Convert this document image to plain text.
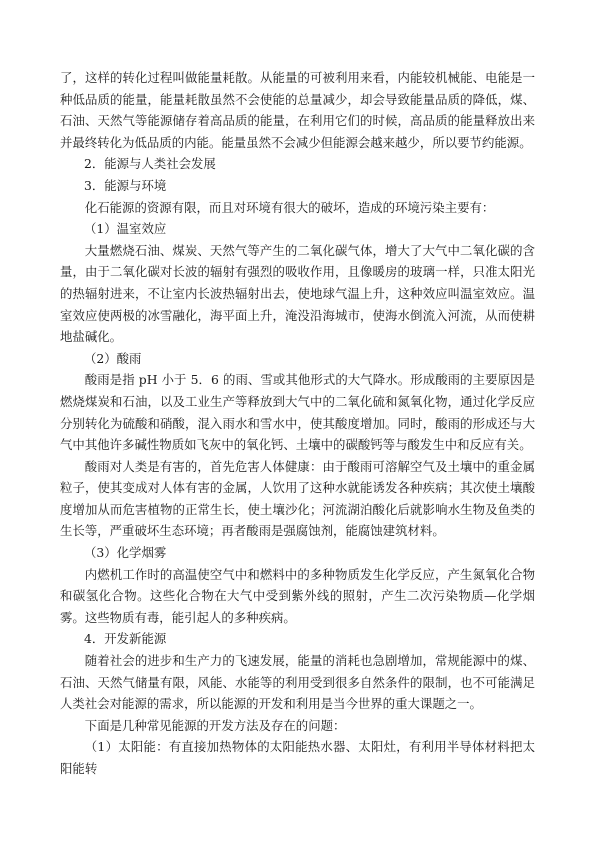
了，这样的转化过程叫做能量耗散。从能量的可被利用来看，内能较机械能、电能是一种低品质的能量，能量耗散虽然不会使能的总量减少，却会导致能量品质的降低，煤、石油、天然气等能源储存着高品质的能量，在利用它们的时候，高品质的能量释放出来并最终转化为低品质的内能。能量虽然不会减少但能源会越来越少，所以要节约能源。

2．能源与人类社会发展

3．能源与环境

化石能源的资源有限，而且对环境有很大的破坏，造成的环境污染主要有：

（1）温室效应

大量燃烧石油、煤炭、天然气等产生的二氧化碳气体，增大了大气中二氧化碳的含量，由于二氧化碳对长波的辐射有强烈的吸收作用，且像暖房的玻璃一样，只准太阳光的热辐射进来，不让室内长波热辐射出去，使地球气温上升，这种效应叫温室效应。温室效应使两极的冰雪融化，海平面上升，淹没沿海城市，使海水倒流入河流，从而使耕地盐碱化。

（2）酸雨

酸雨是指 pH 小于 5．6 的雨、雪或其他形式的大气降水。形成酸雨的主要原因是燃烧煤炭和石油，以及工业生产等释放到大气中的二氧化硫和氮氧化物，通过化学反应分别转化为硫酸和硝酸，混入雨水和雪水中，使其酸度增加。同时，酸雨的形成还与大气中其他许多碱性物质如飞灰中的氧化钙、土壤中的碳酸钙等与酸发生中和反应有关。

酸雨对人类是有害的，首先危害人体健康：由于酸雨可溶解空气及土壤中的重金属粒子，使其变成对人体有害的金属，人饮用了这种水就能诱发各种疾病；其次使土壤酸度增加从而危害植物的正常生长，使土壤沙化；河流湖泊酸化后就影响水生物及鱼类的生长等，严重破坏生态环境；再者酸雨是强腐蚀剂，能腐蚀建筑材料。

（3）化学烟雾

内燃机工作时的高温使空气中和燃料中的多种物质发生化学反应，产生氮氧化合物和碳氢化合物。这些化合物在大气中受到紫外线的照射，产生二次污染物质—化学烟雾。这些物质有毒，能引起人的多种疾病。

4．开发新能源

随着社会的进步和生产力的飞速发展，能量的消耗也急剧增加，常规能源中的煤、石油、天然气储量有限，风能、水能等的利用受到很多自然条件的限制，也不可能满足人类社会对能源的需求，所以能源的开发和利用是当今世界的重大课题之一。

下面是几种常见能源的开发方法及存在的问题：

（1）太阳能：有直接加热物体的太阳能热水器、太阳灶，有利用半导体材料把太阳能转
